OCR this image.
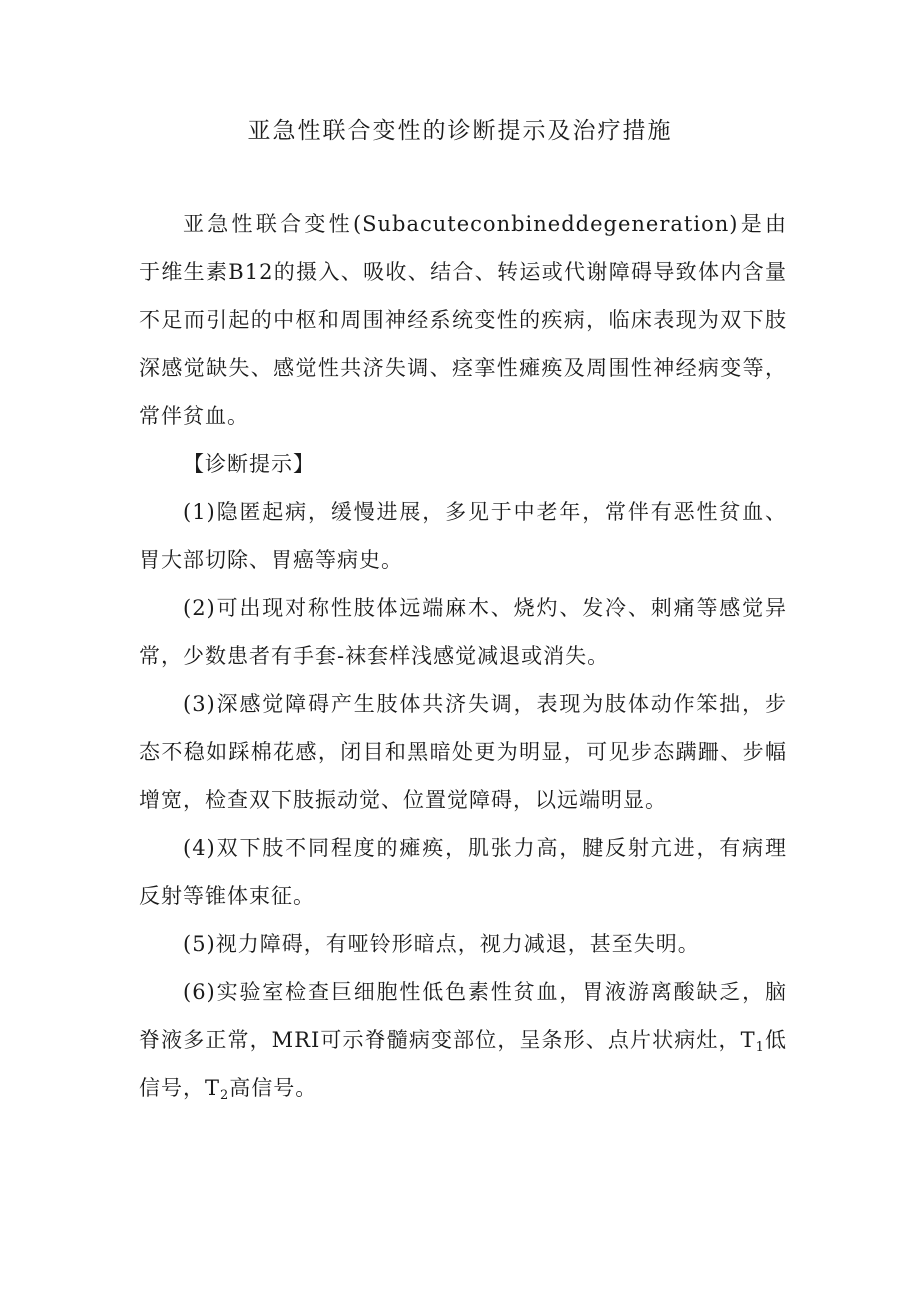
亚急性联合变性的诊断提示及治疗措施

亚急性联合变性(Subacuteconbineddegeneration)是由于维生素B12的摄入、吸收、结合、转运或代谢障碍导致体内含量不足而引起的中枢和周围神经系统变性的疾病，临床表现为双下肢深感觉缺失、感觉性共济失调、痉挛性瘫痪及周围性神经病变等，常伴贫血。

【诊断提示】

(1)隐匿起病，缓慢进展，多见于中老年，常伴有恶性贫血、胃大部切除、胃癌等病史。

(2)可出现对称性肢体远端麻木、烧灼、发冷、刺痛等感觉异常，少数患者有手套-袜套样浅感觉减退或消失。

(3)深感觉障碍产生肢体共济失调，表现为肢体动作笨拙，步态不稳如踩棉花感，闭目和黑暗处更为明显，可见步态蹒跚、步幅增宽，检查双下肢振动觉、位置觉障碍，以远端明显。

(4)双下肢不同程度的瘫痪，肌张力高，腱反射亢进，有病理反射等锥体束征。

(5)视力障碍，有哑铃形暗点，视力减退，甚至失明。

(6)实验室检查巨细胞性低色素性贫血，胃液游离酸缺乏，脑脊液多正常，MRI可示脊髓病变部位，呈条形、点片状病灶，$T_1$低信号，$T_2$高信号。
